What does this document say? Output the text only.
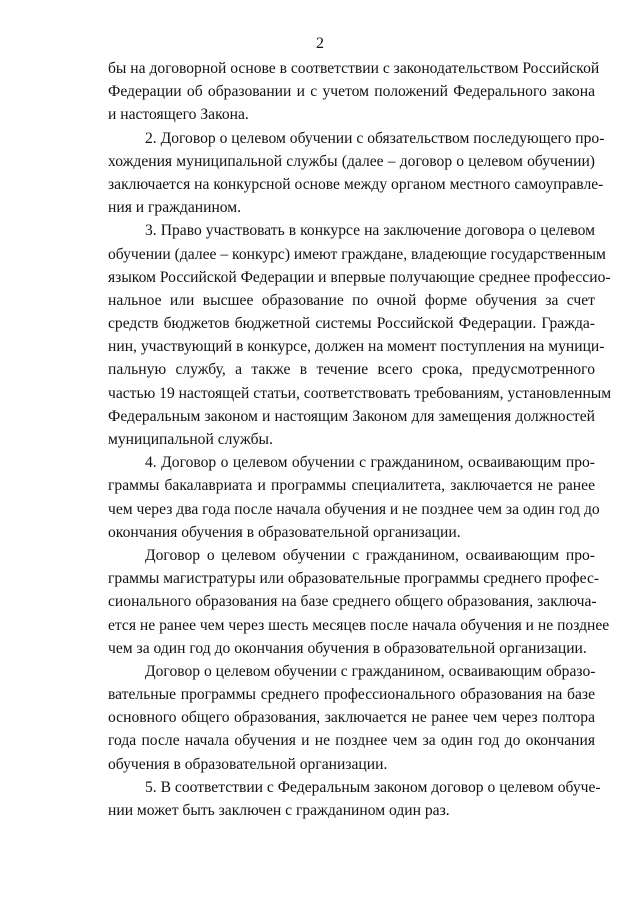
2
бы на договорной основе в соответствии с законодательством Российской
Федерации об образовании и с учетом положений Федерального закона
и настоящего Закона.
2. Договор о целевом обучении с обязательством последующего про-
хождения муниципальной службы (далее – договор о целевом обучении)
заключается на конкурсной основе между органом местного самоуправле-
ния и гражданином.
3. Право участвовать в конкурсе на заключение договора о целевом
обучении (далее – конкурс) имеют граждане, владеющие государственным
языком Российской Федерации и впервые получающие среднее профессио-
нальное или высшее образование по очной форме обучения за счет
средств бюджетов бюджетной системы Российской Федерации. Гражда-
нин, участвующий в конкурсе, должен на момент поступления на муници-
пальную службу, а также в течение всего срока, предусмотренного
частью 19 настоящей статьи, соответствовать требованиям, установленным
Федеральным законом и настоящим Законом для замещения должностей
муниципальной службы.
4. Договор о целевом обучении с гражданином, осваивающим про-
граммы бакалавриата и программы специалитета, заключается не ранее
чем через два года после начала обучения и не позднее чем за один год до
окончания обучения в образовательной организации.
Договор о целевом обучении с гражданином, осваивающим про-
граммы магистратуры или образовательные программы среднего профес-
сионального образования на базе среднего общего образования, заключа-
ется не ранее чем через шесть месяцев после начала обучения и не позднее
чем за один год до окончания обучения в образовательной организации.
Договор о целевом обучении с гражданином, осваивающим образо-
вательные программы среднего профессионального образования на базе
основного общего образования, заключается не ранее чем через полтора
года после начала обучения и не позднее чем за один год до окончания
обучения в образовательной организации.
5. В соответствии с Федеральным законом договор о целевом обуче-
нии может быть заключен с гражданином один раз.
